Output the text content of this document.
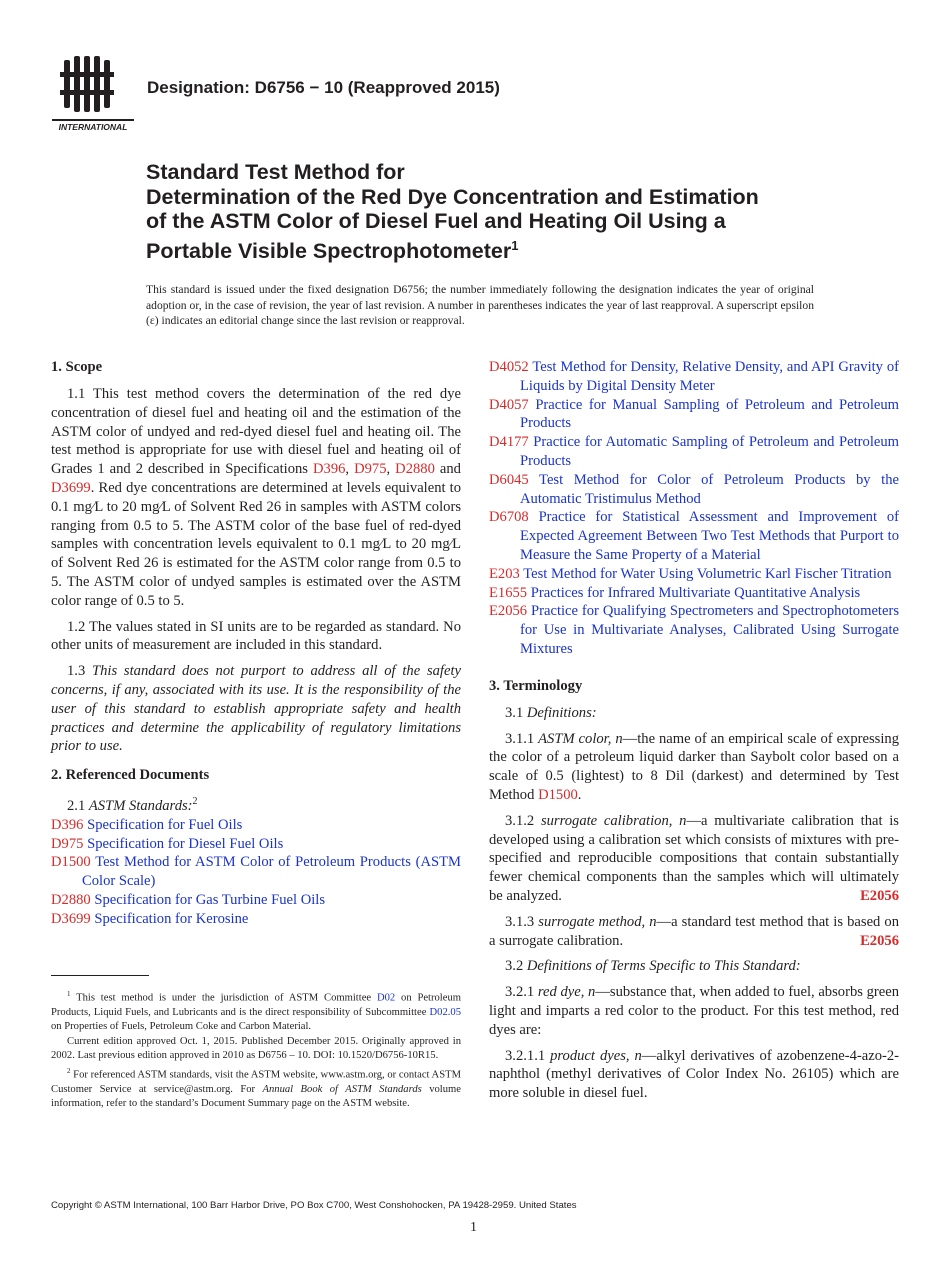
INTERNATIONAL
Designation: D6756 − 10 (Reapproved 2015)
Standard Test Method for
Determination of the Red Dye Concentration and Estimation
of the ASTM Color of Diesel Fuel and Heating Oil Using a
Portable Visible Spectrophotometer$^1$
This standard is issued under the fixed designation D6756; the number immediately following the designation indicates the year of original adoption or, in the case of revision, the year of last revision. A number in parentheses indicates the year of last reapproval. A superscript epsilon (ε) indicates an editorial change since the last revision or reapproval.
1. Scope

1.1 This test method covers the determination of the red dye concentration of diesel fuel and heating oil and the estimation of the ASTM color of undyed and red-dyed diesel fuel and heating oil. The test method is appropriate for use with diesel fuel and heating oil of Grades 1 and 2 described in Specifications D396, D975, D2880 and D3699. Red dye concentrations are determined at levels equivalent to 0.1 mg⁄L to 20 mg⁄L of Solvent Red 26 in samples with ASTM colors ranging from 0.5 to 5. The ASTM color of the base fuel of red-dyed samples with concentration levels equivalent to 0.1 mg⁄L to 20 mg⁄L of Solvent Red 26 is estimated for the ASTM color range from 0.5 to 5. The ASTM color of undyed samples is estimated over the ASTM color range of 0.5 to 5.

1.2 The values stated in SI units are to be regarded as standard. No other units of measurement are included in this standard.

1.3 This standard does not purport to address all of the safety concerns, if any, associated with its use. It is the responsibility of the user of this standard to establish appropriate safety and health practices and determine the applicability of regulatory limitations prior to use.

2. Referenced Documents

2.1 ASTM Standards:$^2$

D396 Specification for Fuel Oils

D975 Specification for Diesel Fuel Oils

D1500 Test Method for ASTM Color of Petroleum Products (ASTM Color Scale)

D2880 Specification for Gas Turbine Fuel Oils

D3699 Specification for Kerosine

$^1$ This test method is under the jurisdiction of ASTM Committee D02 on Petroleum Products, Liquid Fuels, and Lubricants and is the direct responsibility of Subcommittee D02.05 on Properties of Fuels, Petroleum Coke and Carbon Material.

Current edition approved Oct. 1, 2015. Published December 2015. Originally approved in 2002. Last previous edition approved in 2010 as D6756 – 10. DOI: 10.1520/D6756-10R15.

$^2$ For referenced ASTM standards, visit the ASTM website, www.astm.org, or contact ASTM Customer Service at service@astm.org. For Annual Book of ASTM Standards volume information, refer to the standard’s Document Summary page on the ASTM website.

D4052 Test Method for Density, Relative Density, and API Gravity of Liquids by Digital Density Meter

D4057 Practice for Manual Sampling of Petroleum and Petroleum Products

D4177 Practice for Automatic Sampling of Petroleum and Petroleum Products

D6045 Test Method for Color of Petroleum Products by the Automatic Tristimulus Method

D6708 Practice for Statistical Assessment and Improvement of Expected Agreement Between Two Test Methods that Purport to Measure the Same Property of a Material

E203 Test Method for Water Using Volumetric Karl Fischer Titration

E1655 Practices for Infrared Multivariate Quantitative Analysis

E2056 Practice for Qualifying Spectrometers and Spectrophotometers for Use in Multivariate Analyses, Calibrated Using Surrogate Mixtures

3. Terminology

3.1 Definitions:

3.1.1 ASTM color, n—the name of an empirical scale of expressing the color of a petroleum liquid darker than Saybolt color based on a scale of 0.5 (lightest) to 8 Dil (darkest) and determined by Test Method D1500.

3.1.2 surrogate calibration, n—a multivariate calibration that is developed using a calibration set which consists of mixtures with pre-specified and reproducible compositions that contain substantially fewer chemical components than the samples which will ultimately be analyzed.	E2056

3.1.3 surrogate method, n—a standard test method that is based on a surrogate calibration.	E2056

3.2 Definitions of Terms Specific to This Standard:

3.2.1 red dye, n—substance that, when added to fuel, absorbs green light and imparts a red color to the product. For this test method, red dyes are:

3.2.1.1 product dyes, n—alkyl derivatives of azobenzene-4-azo-2-naphthol (methyl derivatives of Color Index No. 26105) which are more soluble in diesel fuel.

Copyright © ASTM International, 100 Barr Harbor Drive, PO Box C700, West Conshohocken, PA 19428-2959. United States
1
